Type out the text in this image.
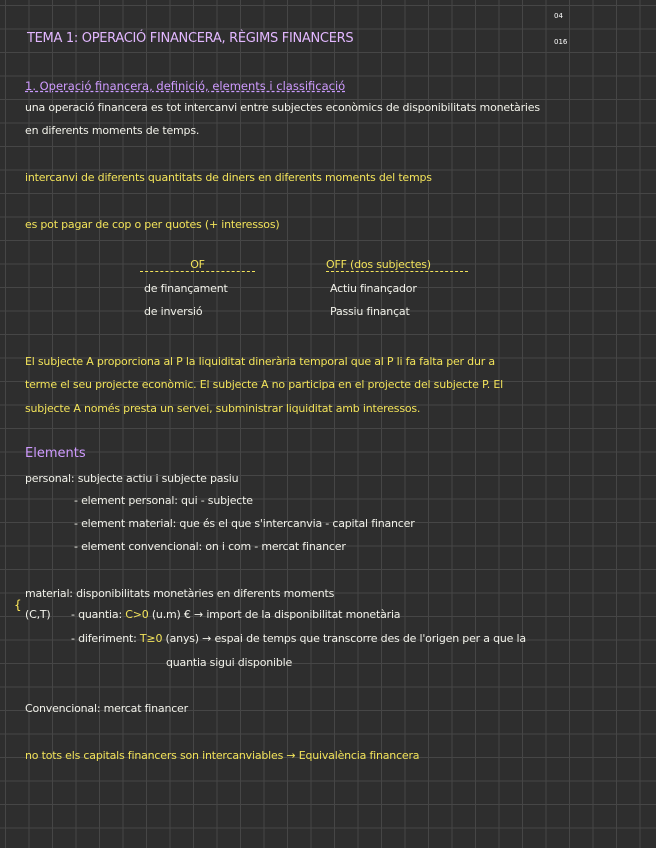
04
016
TEMA 1: OPERACIÓ FINANCERA, RÈGIMS FINANCERS
1. Operació financera, definició, elements i classificació
una operació financera es tot intercanvi entre subjectes econòmics de disponibilitats monetàries
en diferents moments de temps.
intercanvi de diferents quantitats de diners en diferents moments del temps
es pot pagar de cop o per quotes (+ interessos)
OF
de finançament
de inversió
OFF (dos subjectes)
Actiu finançador
Passiu finançat
El subjecte A proporciona al P la liquiditat dinerària temporal que al P li fa falta per dur a
terme el seu projecte econòmic. El subjecte A no participa en el projecte del subjecte P. El
subjecte A només presta un servei, subministrar liquiditat amb interessos.
Elements
personal: subjecte actiu i subjecte pasiu
- element personal: qui - subjecte
- element material: que és el que s'intercanvia - capital financer
- element convencional: on i com - mercat financer
material: disponibilitats monetàries en diferents moments
{
(C,T) - quantia: C>0 (u.m) € → import de la disponibilitat monetària
- diferiment: T≥0 (anys) → espai de temps que transcorre des de l'origen per a que la
quantia sigui disponible
Convencional: mercat financer
no tots els capitals financers son intercanviables → Equivalència financera
